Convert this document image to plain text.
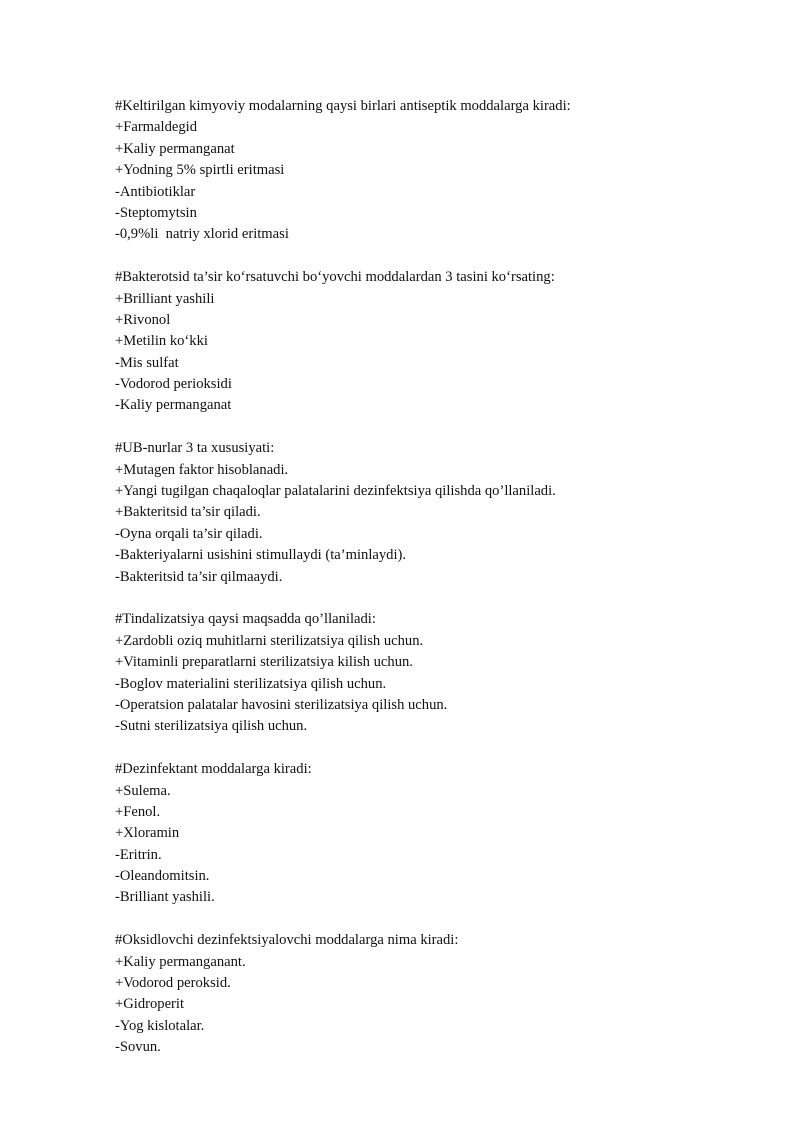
#Keltirilgan kimyoviy modalarning qaysi birlari antiseptik moddalarga kiradi:
+Farmaldegid
+Kaliy permanganat
+Yodning 5% spirtli eritmasi
-Antibiotiklar
-Steptomytsin
-0,9%li  natriy xlorid eritmasi
#Bakterotsid ta’sir ko‘rsatuvchi bo‘yovchi moddalardan 3 tasini ko‘rsating:
+Brilliant yashili
+Rivonol
+Metilin ko‘kki
-Mis sulfat
-Vodorod perioksidi
-Kaliy permanganat
#UB-nurlar 3 ta xususiyati:
+Mutagen faktor hisoblanadi.
+Yangi tugilgan chaqaloqlar palatalarini dezinfektsiya qilishda qo’llaniladi.
+Bakteritsid ta’sir qiladi.
-Oyna orqali ta’sir qiladi.
-Bakteriyalarni usishini stimullaydi (ta’minlaydi).
-Bakteritsid ta’sir qilmaaydi.
#Tindalizatsiya qaysi maqsadda qo’llaniladi:
+Zardobli oziq muhitlarni sterilizatsiya qilish uchun.
+Vitaminli preparatlarni sterilizatsiya kilish uchun.
-Boglov materialini sterilizatsiya qilish uchun.
-Operatsion palatalar havosini sterilizatsiya qilish uchun.
-Sutni sterilizatsiya qilish uchun.
#Dezinfektant moddalarga kiradi:
+Sulema.
+Fenol.
+Xloramin
-Eritrin.
-Oleandomitsin.
-Brilliant yashili.
#Oksidlovchi dezinfektsiyalovchi moddalarga nima kiradi:
+Kaliy permanganant.
+Vodorod peroksid.
+Gidroperit
-Yog kislotalar.
-Sovun.
